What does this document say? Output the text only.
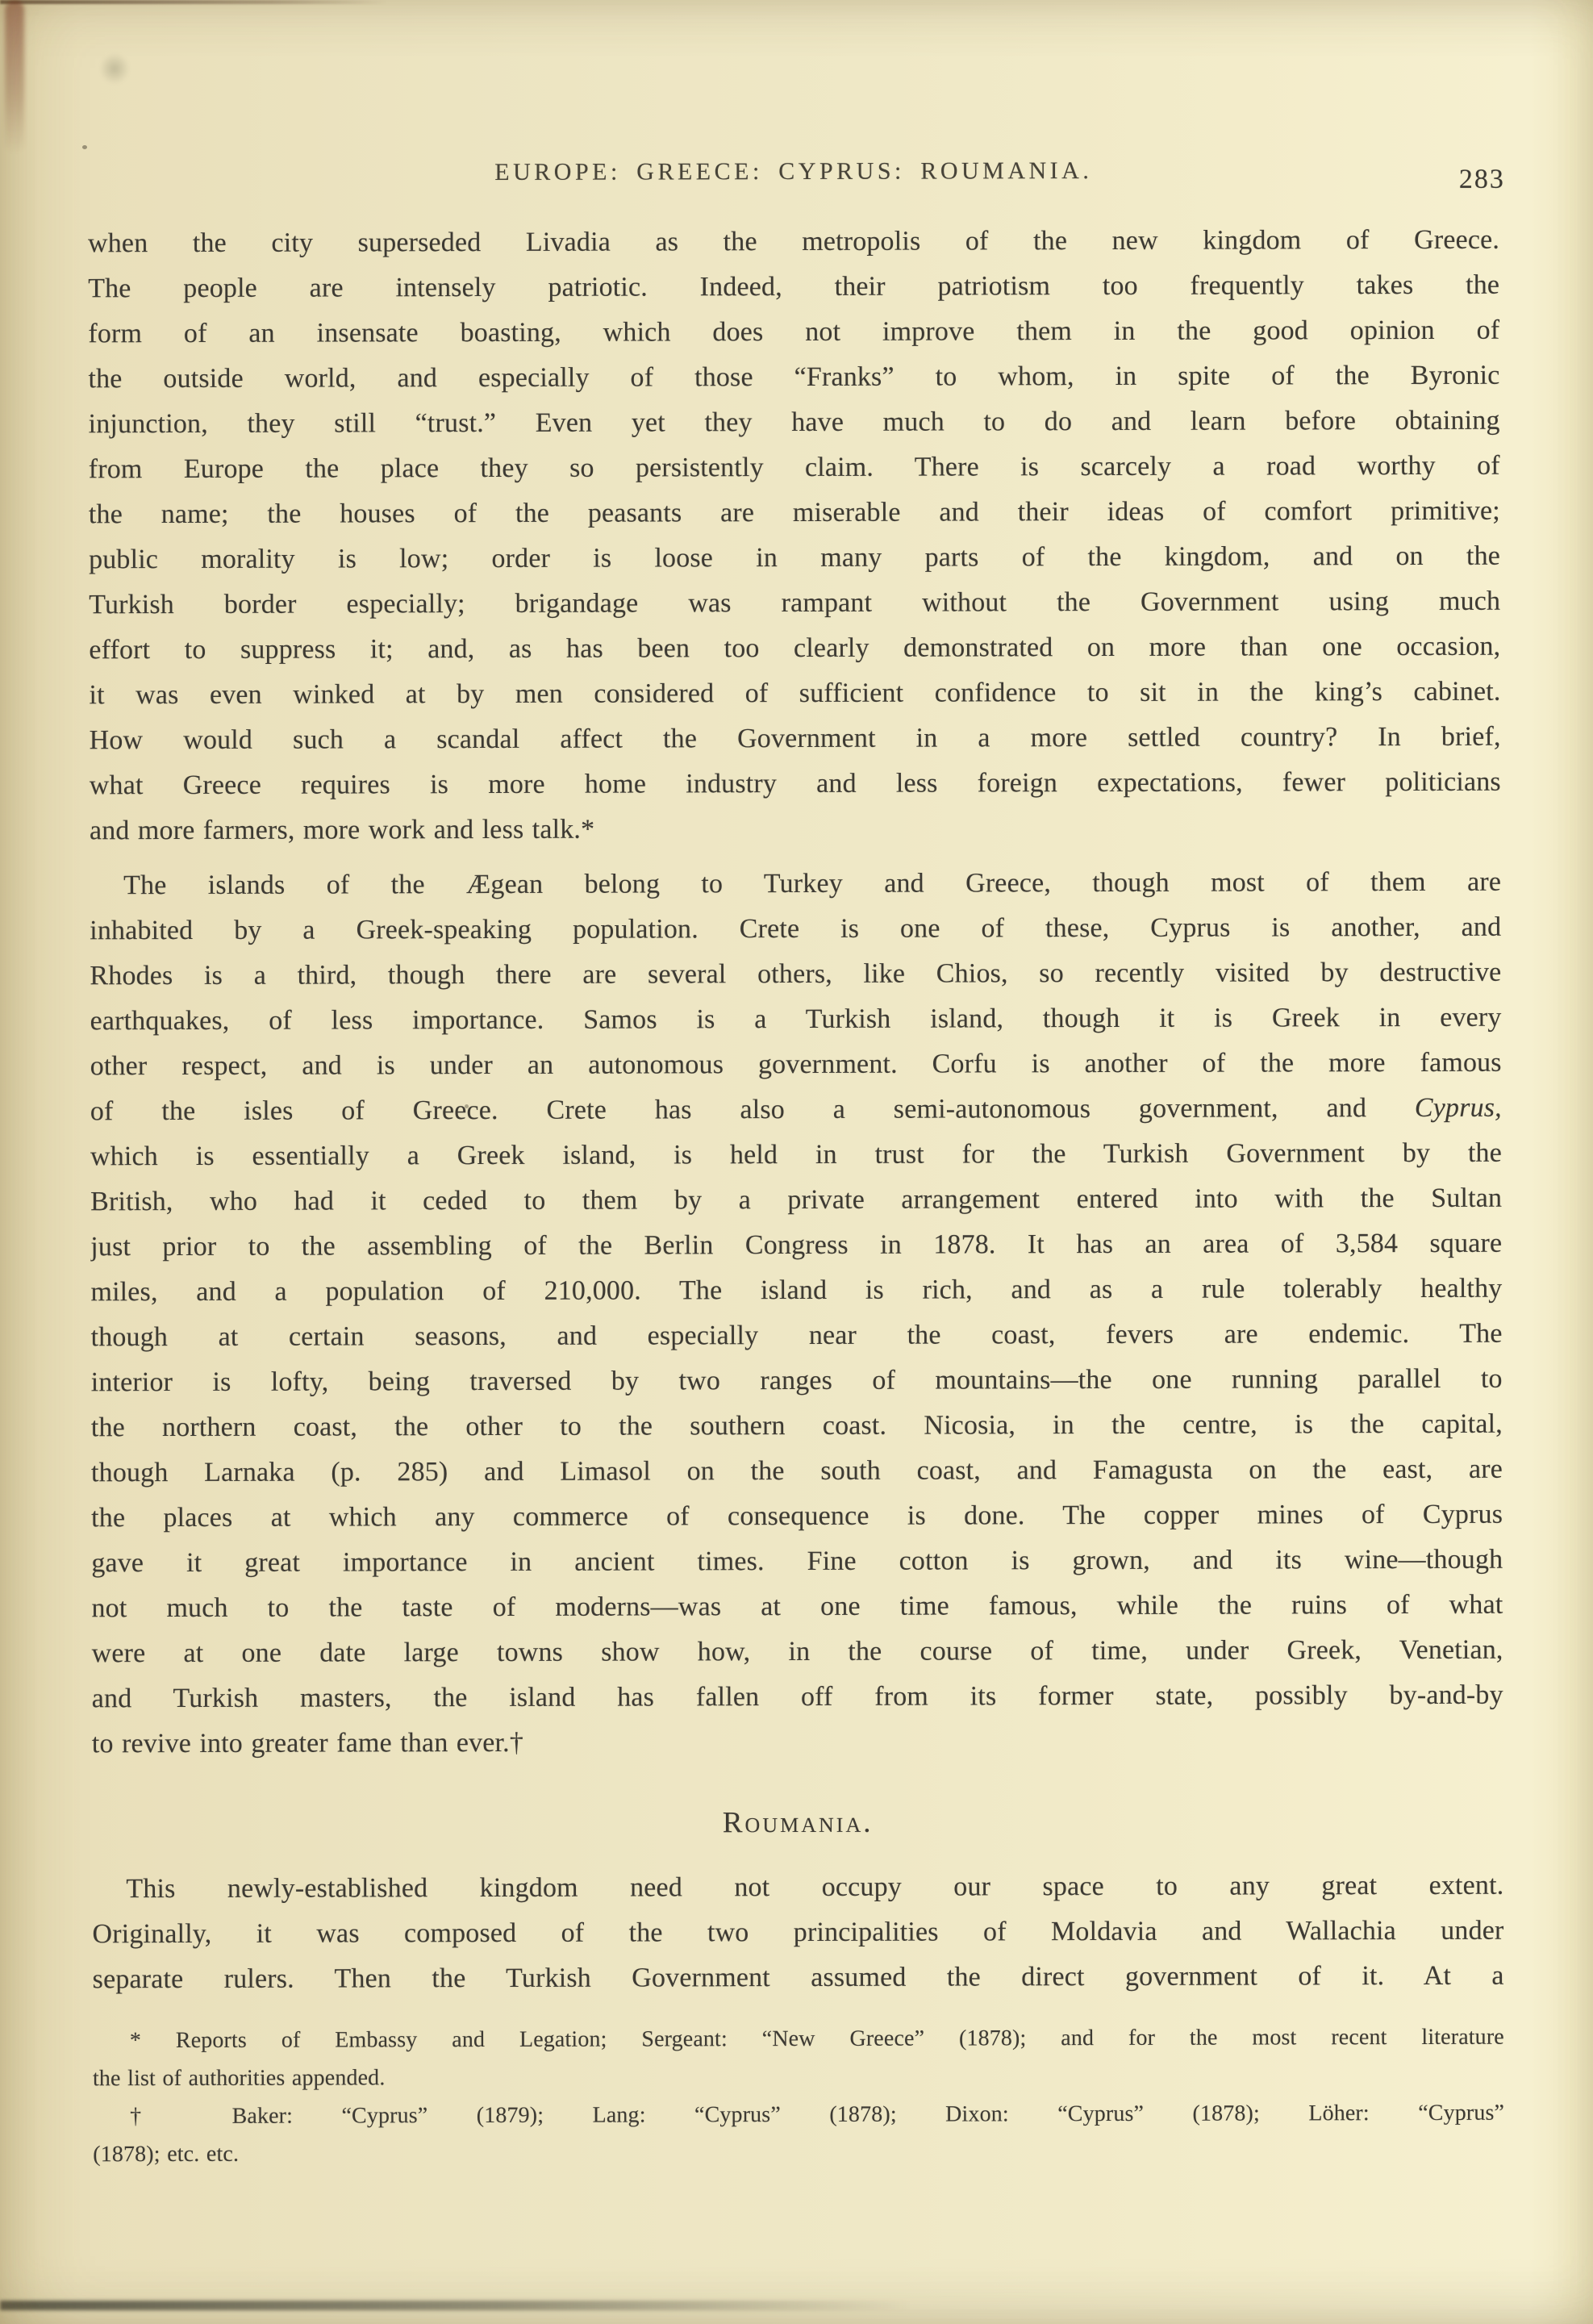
EUROPE: GREECE: CYPRUS: ROUMANIA.	283
when the city superseded Livadia as the metropolis of the new kingdom of Greece.
The people are intensely patriotic. Indeed, their patriotism too frequently takes the
form of an insensate boasting, which does not improve them in the good opinion of
the outside world, and especially of those “Franks” to whom, in spite of the Byronic
injunction, they still “trust.” Even yet they have much to do and learn before obtaining
from Europe the place they so persistently claim. There is scarcely a road worthy of
the name; the houses of the peasants are miserable and their ideas of comfort primitive;
public morality is low; order is loose in many parts of the kingdom, and on the
Turkish border especially; brigandage was rampant without the Government using much
effort to suppress it; and, as has been too clearly demonstrated on more than one occasion,
it was even winked at by men considered of sufficient confidence to sit in the king’s cabinet.
How would such a scandal affect the Government in a more settled country? In brief,
what Greece requires is more home industry and less foreign expectations, fewer politicians
and more farmers, more work and less talk.*
The islands of the Ægean belong to Turkey and Greece, though most of them are
inhabited by a Greek-speaking population. Crete is one of these, Cyprus is another, and
Rhodes is a third, though there are several others, like Chios, so recently visited by destructive
earthquakes, of less importance. Samos is a Turkish island, though it is Greek in every
other respect, and is under an autonomous government. Corfu is another of the more famous
of the isles of Greece. Crete has also a semi-autonomous government, and Cyprus,
which is essentially a Greek island, is held in trust for the Turkish Government by the
British, who had it ceded to them by a private arrangement entered into with the Sultan
just prior to the assembling of the Berlin Congress in 1878. It has an area of 3,584 square
miles, and a population of 210,000. The island is rich, and as a rule tolerably healthy
though at certain seasons, and especially near the coast, fevers are endemic. The
interior is lofty, being traversed by two ranges of mountains—the one running parallel to
the northern coast, the other to the southern coast. Nicosia, in the centre, is the capital,
though Larnaka (p. 285) and Limasol on the south coast, and Famagusta on the east, are
the places at which any commerce of consequence is done. The copper mines of Cyprus
gave it great importance in ancient times. Fine cotton is grown, and its wine—though
not much to the taste of moderns—was at one time famous, while the ruins of what
were at one date large towns show how, in the course of time, under Greek, Venetian,
and Turkish masters, the island has fallen off from its former state, possibly by-and-by
to revive into greater fame than ever.†
Roumania.
This newly-established kingdom need not occupy our space to any great extent.
Originally, it was composed of the two principalities of Moldavia and Wallachia under
separate rulers. Then the Turkish Government assumed the direct government of it. At a
* Reports of Embassy and Legation; Sergeant: “New Greece” (1878); and for the most recent literature
the list of authorities appended.
† Baker: “Cyprus” (1879); Lang: “Cyprus” (1878); Dixon: “Cyprus” (1878); Löher: “Cyprus”
(1878); etc. etc.
